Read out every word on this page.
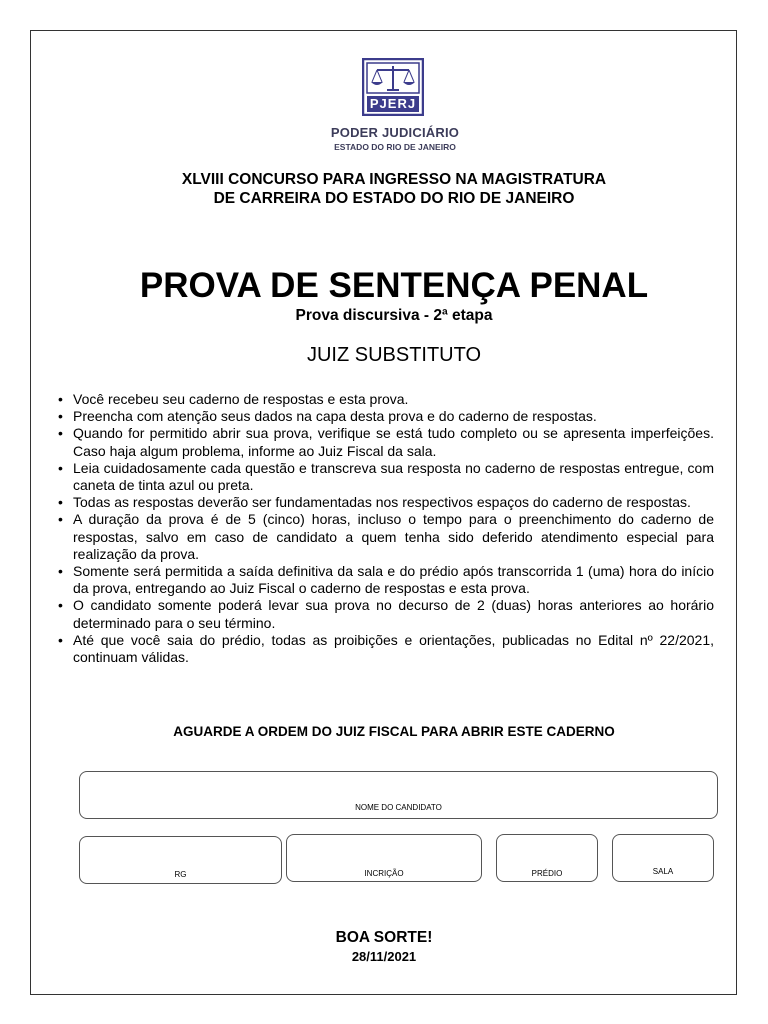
PJERJ
PODER JUDICIÁRIO
ESTADO DO RIO DE JANEIRO
XLVIII CONCURSO PARA INGRESSO NA MAGISTRATURA
DE CARREIRA DO ESTADO DO RIO DE JANEIRO
PROVA DE SENTENÇA PENAL
Prova discursiva - 2ª etapa
JUIZ SUBSTITUTO
• Você recebeu seu caderno de respostas e esta prova.
• Preencha com atenção seus dados na capa desta prova e do caderno de respostas.
• Quando for permitido abrir sua prova, verifique se está tudo completo ou se apresenta imperfeições. Caso haja algum problema, informe ao Juiz Fiscal da sala.
• Leia cuidadosamente cada questão e transcreva sua resposta no caderno de respostas entregue, com caneta de tinta azul ou preta.
• Todas as respostas deverão ser fundamentadas nos respectivos espaços do caderno de respostas.
• A duração da prova é de 5 (cinco) horas, incluso o tempo para o preenchimento do caderno de respostas, salvo em caso de candidato a quem tenha sido deferido atendimento especial para realização da prova.
• Somente será permitida a saída definitiva da sala e do prédio após transcorrida 1 (uma) hora do início da prova, entregando ao Juiz Fiscal o caderno de respostas e esta prova.
• O candidato somente poderá levar sua prova no decurso de 2 (duas) horas anteriores ao horário determinado para o seu término.
• Até que você saia do prédio, todas as proibições e orientações, publicadas no Edital nº 22/2021, continuam válidas.
AGUARDE A ORDEM DO JUIZ FISCAL PARA ABRIR ESTE CADERNO
NOME DO CANDIDATO
RG	INCRIÇÃO	PRÉDIO	SALA
BOA SORTE!
28/11/2021
